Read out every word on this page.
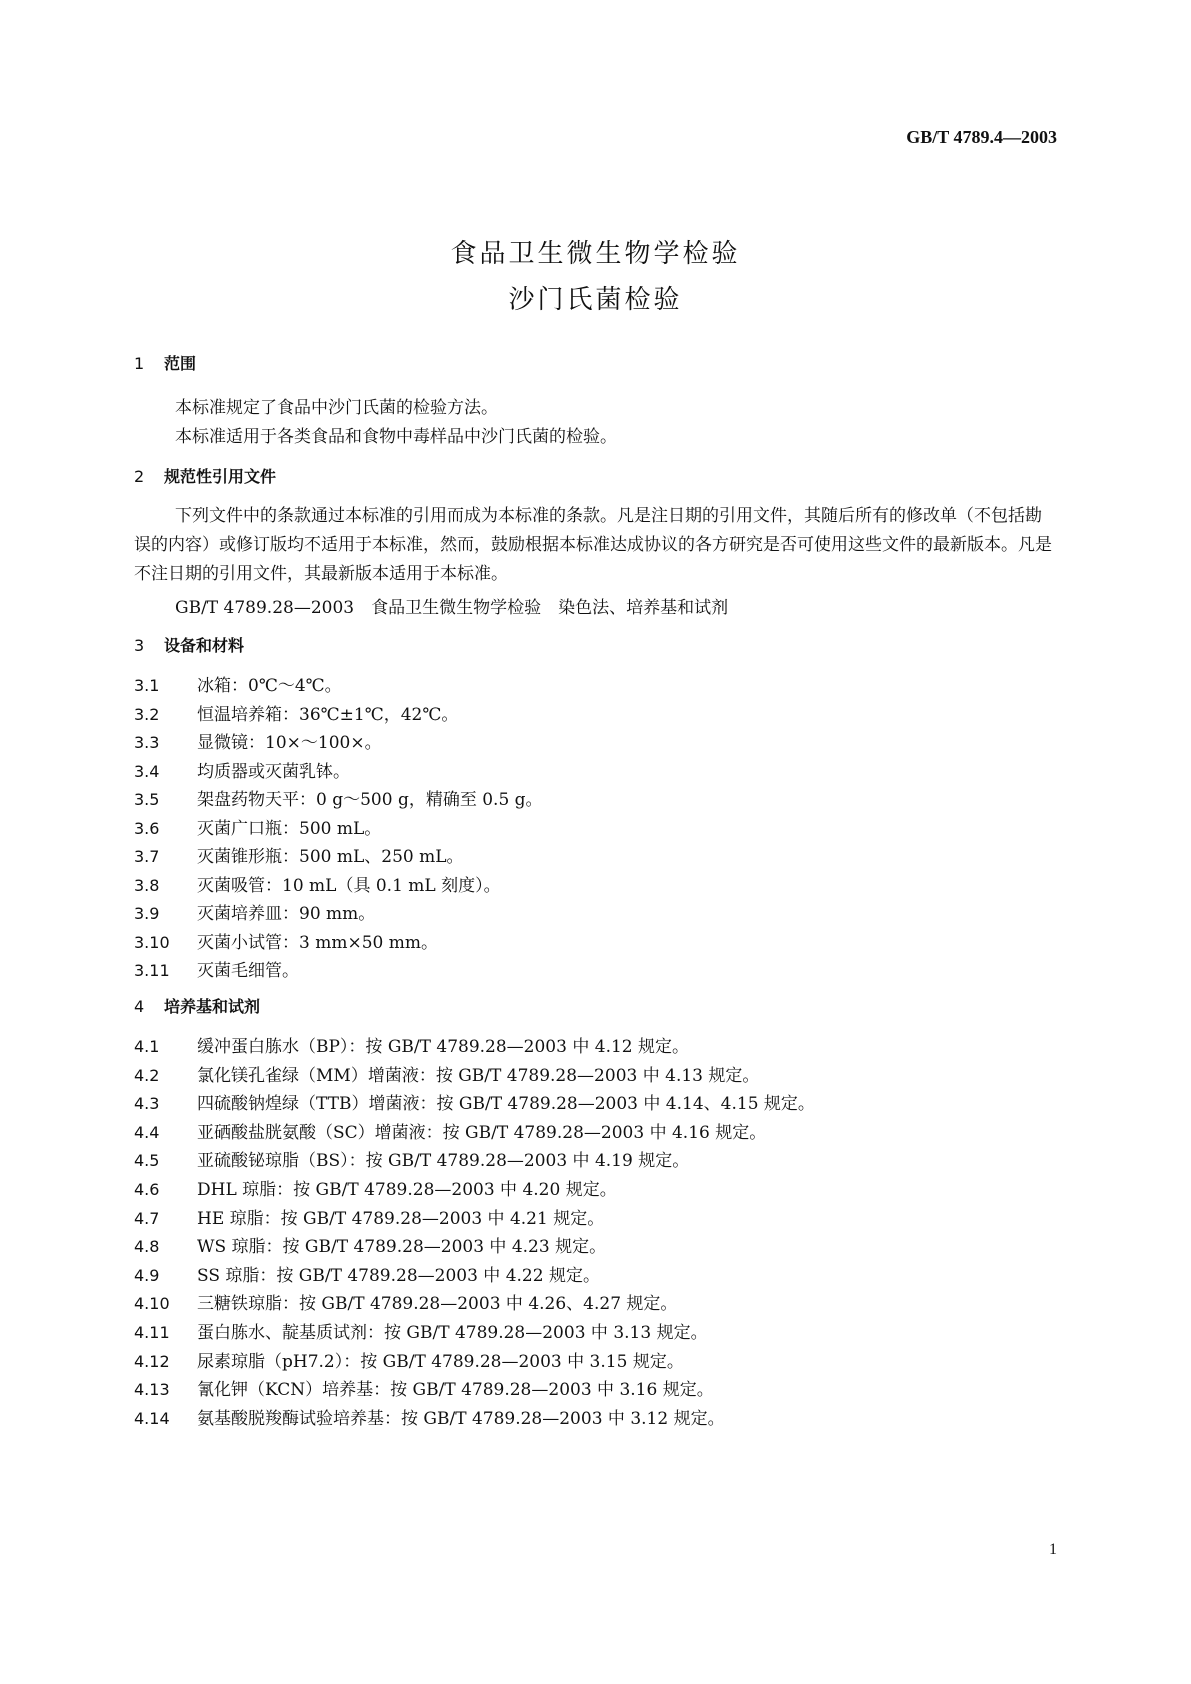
GB/T 4789.4—2003
食品卫生微生物学检验
沙门氏菌检验
1 范围
本标准规定了食品中沙门氏菌的检验方法。
本标准适用于各类食品和食物中毒样品中沙门氏菌的检验。
2 规范性引用文件
下列文件中的条款通过本标准的引用而成为本标准的条款。凡是注日期的引用文件，其随后所有的修改单（不包括勘误的内容）或修订版均不适用于本标准，然而，鼓励根据本标准达成协议的各方研究是否可使用这些文件的最新版本。凡是不注日期的引用文件，其最新版本适用于本标准。
GB/T 4789.28—2003　食品卫生微生物学检验　染色法、培养基和试剂
3 设备和材料
3.1 冰箱：0℃～4℃。
3.2 恒温培养箱：36℃±1℃，42℃。
3.3 显微镜：10×～100×。
3.4 均质器或灭菌乳钵。
3.5 架盘药物天平：0 g～500 g，精确至 0.5 g。
3.6 灭菌广口瓶：500 mL。
3.7 灭菌锥形瓶：500 mL、250 mL。
3.8 灭菌吸管：10 mL（具 0.1 mL 刻度）。
3.9 灭菌培养皿：90 mm。
3.10 灭菌小试管：3 mm×50 mm。
3.11 灭菌毛细管。
4 培养基和试剂
4.1 缓冲蛋白胨水（BP）：按 GB/T 4789.28—2003 中 4.12 规定。
4.2 氯化镁孔雀绿（MM）增菌液：按 GB/T 4789.28—2003 中 4.13 规定。
4.3 四硫酸钠煌绿（TTB）增菌液：按 GB/T 4789.28—2003 中 4.14、4.15 规定。
4.4 亚硒酸盐胱氨酸（SC）增菌液：按 GB/T 4789.28—2003 中 4.16 规定。
4.5 亚硫酸铋琼脂（BS）：按 GB/T 4789.28—2003 中 4.19 规定。
4.6 DHL 琼脂：按 GB/T 4789.28—2003 中 4.20 规定。
4.7 HE 琼脂：按 GB/T 4789.28—2003 中 4.21 规定。
4.8 WS 琼脂：按 GB/T 4789.28—2003 中 4.23 规定。
4.9 SS 琼脂：按 GB/T 4789.28—2003 中 4.22 规定。
4.10 三糖铁琼脂：按 GB/T 4789.28—2003 中 4.26、4.27 规定。
4.11 蛋白胨水、靛基质试剂：按 GB/T 4789.28—2003 中 3.13 规定。
4.12 尿素琼脂（pH7.2）：按 GB/T 4789.28—2003 中 3.15 规定。
4.13 氰化钾（KCN）培养基：按 GB/T 4789.28—2003 中 3.16 规定。
4.14 氨基酸脱羧酶试验培养基：按 GB/T 4789.28—2003 中 3.12 规定。
1
